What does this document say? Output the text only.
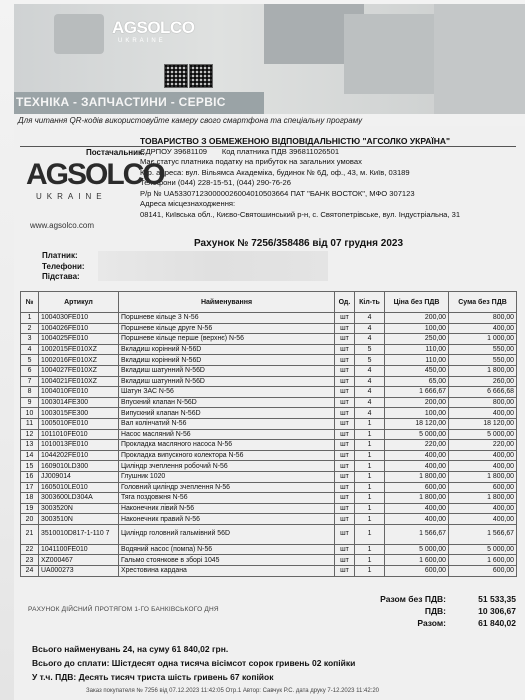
AGSOLCO
UKRAINE
ТЕХНІКА - ЗАПЧАСТИНИ - СЕРВІС
Для читання QR-кодів використовуйте камеру свого смартфона та спеціальну програму
Постачальник:
ТОВАРИСТВО З ОБМЕЖЕНОЮ ВІДПОВІДАЛЬНІСТЮ "АГСОЛКО УКРАЇНА"
ЄДРПОУ 39681109 Код платника ПДВ 396811026501
Має статус платника податку на прибуток на загальних умовах
Юр. адреса: вул. Вільямса Академіка, будинок № 6Д, оф., 43, м. Київ, 03189
Телефони (044) 228-15-51, (044) 290-76-26
Р/р № UA533071230000026004010503664 ПАТ "БАНК ВОСТОК", МФО 307123
Адреса місцезнаходження:
08141, Київська обл., Києво-Святошинський р-н, с. Святопетрівське, вул. Індустріальна, 31
AGSOLCO
UKRAINE
www.agsolco.com
Рахунок № 7256/358486 від 07 грудня 2023
Платник:
Телефони:
Підстава:
№	Артикул	Найменування	Од.	Кіл-ть	Ціна без ПДВ	Сума без ПДВ
1	1004030FE010	Поршневе кільце 3 N-56	шт	4	200,00	800,00
2	1004026FE010	Поршневе кільце друге N-56	шт	4	100,00	400,00
3	1004025FE010	Поршневе кільце перше (верхнє) N-56	шт	4	250,00	1 000,00
4	1002015FE010XZ	Вкладиш корінний N-56D	шт	5	110,00	550,00
5	1002016FE010XZ	Вкладиш корінний N-56D	шт	5	110,00	550,00
6	1004027FE010XZ	Вкладиш шатунний N-56D	шт	4	450,00	1 800,00
7	1004021FE010XZ	Вкладиш шатунний N-56D	шт	4	65,00	260,00
8	1004010FE010	Шатун ЗАС N-56	шт	4	1 666,67	6 666,68
9	1003014FE300	Впускний клапан N-56D	шт	4	200,00	800,00
10	1003015FE300	Випускний клапан N-56D	шт	4	100,00	400,00
11	1005010FE010	Вал колінчатий N-56	шт	1	18 120,00	18 120,00
12	1011010FE010	Насос масляний N-56	шт	1	5 000,00	5 000,00
13	1010013FE010	Прокладка масляного насоса N-56	шт	1	220,00	220,00
14	1044202FE010	Прокладка випускного колектора N-56	шт	1	400,00	400,00
15	1609010LD300	Циліндр зчеплення робочий N-56	шт	1	400,00	400,00
16	JJ009014	Глушник 1020	шт	1	1 800,00	1 800,00
17	1605010LE010	Головний циліндр зчеплення N-56	шт	1	600,00	600,00
18	3003600LD304A	Тяга поздовжня N-56	шт	1	1 800,00	1 800,00
19	3003520N	Наконечник лівий N-56	шт	1	400,00	400,00
20	3003510N	Наконечник правий N-56	шт	1	400,00	400,00
21	3510010D817-1-110 7	Циліндр головний гальмівний 56D	шт	1	1 566,67	1 566,67
22	1041100FE010	Водяний насос (помпа) N-56	шт	1	5 000,00	5 000,00
23	XZ000467	Гальмо стоянкове в зборі 1045	шт	1	1 600,00	1 600,00
24	UA000273	Хрестовина кардана	шт	1	600,00	600,00
Разом без ПДВ:	51 533,35
ПДВ:	10 306,67
Разом:	61 840,02
РАХУНОК ДІЙСНИЙ ПРОТЯГОМ 1-ГО БАНКІВСЬКОГО ДНЯ
Всього найменувань 24, на суму 61 840,02 грн.
Всього до сплати: Шістдесят одна тисяча вісімсот сорок гривень 02 копійки
У т.ч. ПДВ: Десять тисяч триста шість гривень 67 копійок
Заказ покупателя № 7256 від 07.12.2023 11:42:05 Отр.1 Автор: Савчук Р.С. дата друку 7-12.2023 11:42:20
